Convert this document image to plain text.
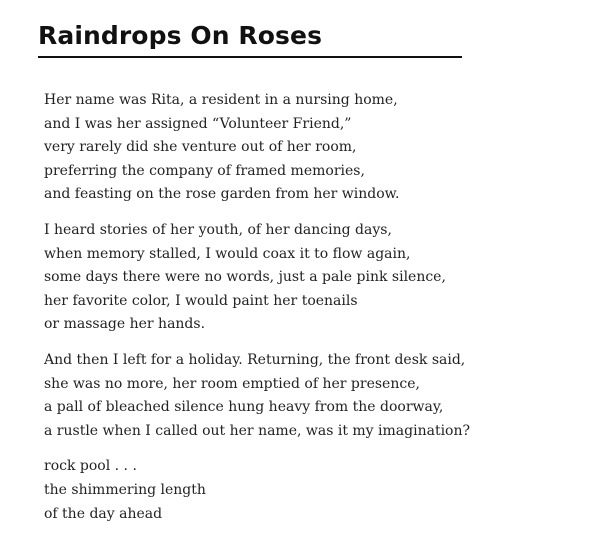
Raindrops On Roses

Her name was Rita, a resident in a nursing home,
and I was her assigned “Volunteer Friend,”
very rarely did she venture out of her room,
preferring the company of framed memories,
and feasting on the rose garden from her window.

I heard stories of her youth, of her dancing days,
when memory stalled, I would coax it to flow again,
some days there were no words, just a pale pink silence,
her favorite color, I would paint her toenails
or massage her hands.

And then I left for a holiday. Returning, the front desk said,
she was no more, her room emptied of her presence,
a pall of bleached silence hung heavy from the doorway,
a rustle when I called out her name, was it my imagination?

rock pool . . .
the shimmering length
of the day ahead
